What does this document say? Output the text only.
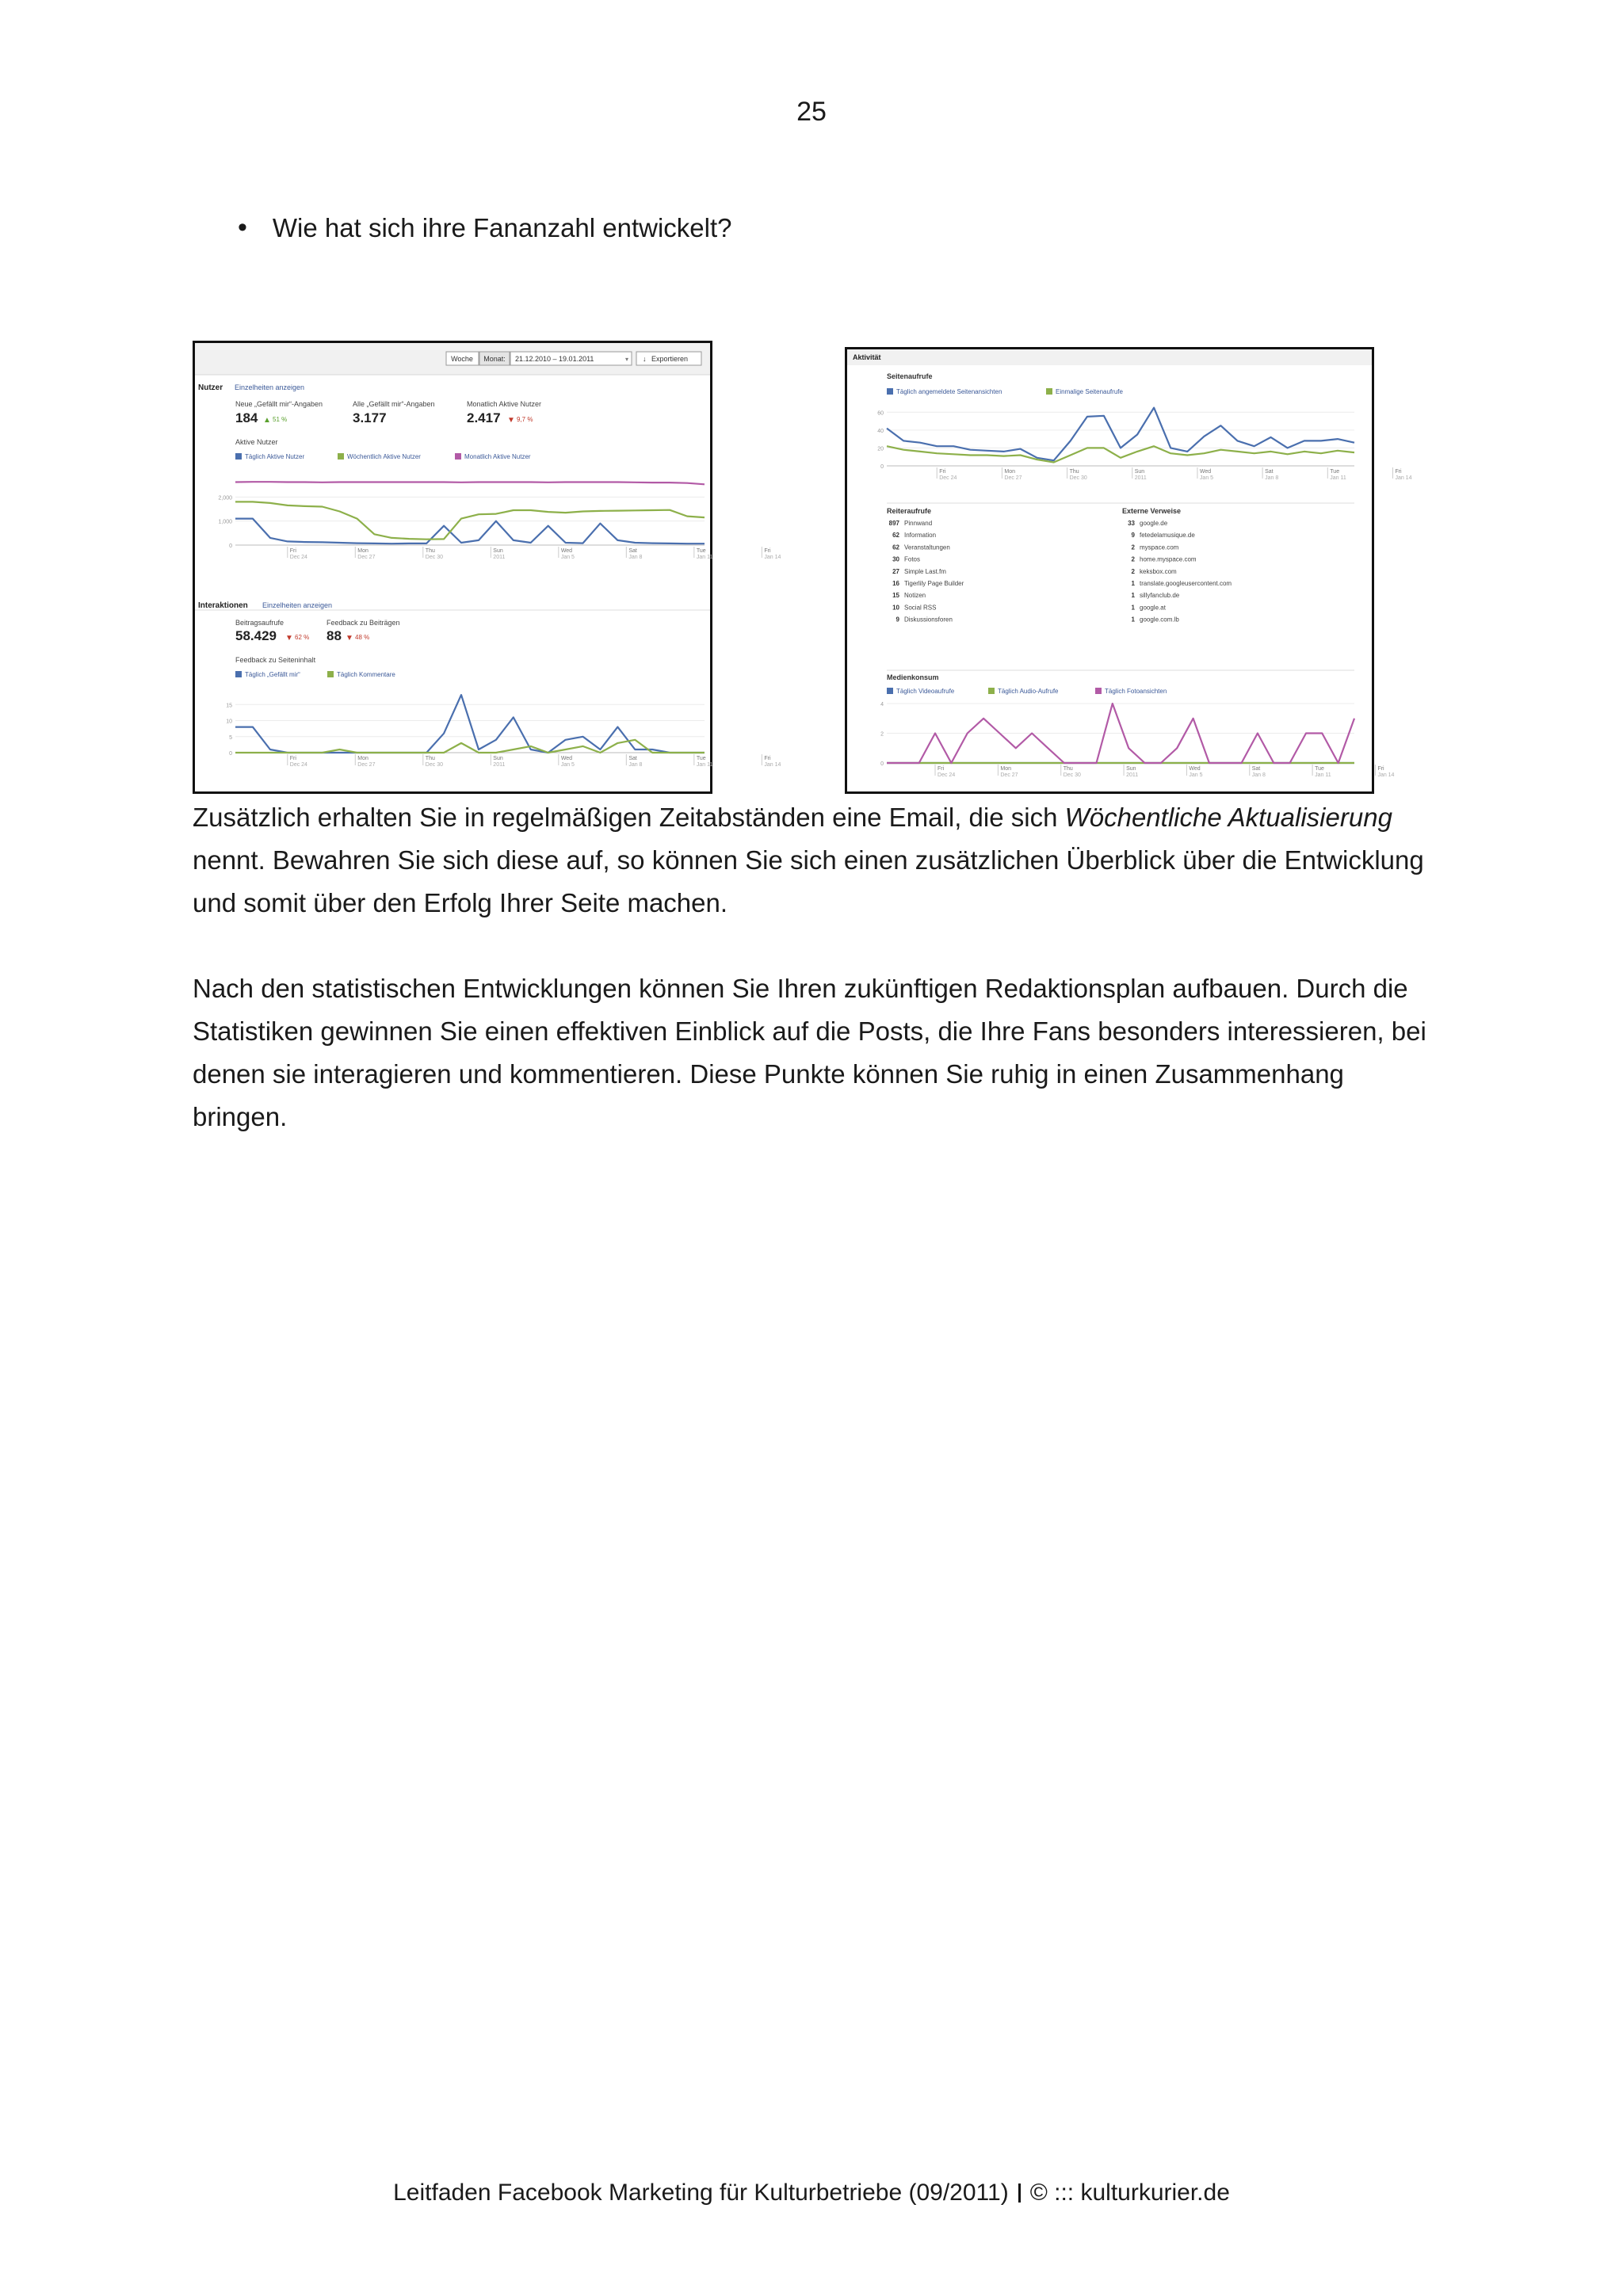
25
• Wie hat sich ihre Fananzahl entwickelt?
Woche Monat: 21.12.2010 – 19.01.2011	▾ ↓ Exportieren
Nutzer Einzelheiten anzeigen
Neue „Gefällt mir“-Angaben
184 ▲ 51 %
Alle „Gefällt mir“-Angaben
3.177
Monatlich Aktive Nutzer
2.417 ▼ 9,7 %
Aktive Nutzer
Täglich Aktive Nutzer	Wöchentlich Aktive Nutzer	Monatlich Aktive Nutzer
2,000
1,000
0
Fri
Dec 24
Mon
Dec 27
Thu
Dec 30
Sun
2011
Wed
Jan 5
Sat
Jan 8
Tue
Jan 11
Fri
Jan 14
Interaktionen Einzelheiten anzeigen
Beitragsaufrufe
58.429 ▼ 62 %
Feedback zu Beiträgen
88 ▼ 48 %
Feedback zu Seiteninhalt
Täglich „Gefällt mir“	Täglich Kommentare
15
10
5
0
Fri
Dec 24
Mon
Dec 27
Thu
Dec 30
Sun
2011
Wed
Jan 5
Sat
Jan 8
Tue
Jan 11
Fri
Jan 14
Aktivität
Seitenaufrufe
Täglich angemeldete Seitenansichten	Einmalige Seitenaufrufe
60
40
20
0
Fri
Dec 24
Mon
Dec 27
Thu
Dec 30
Sun
2011
Wed
Jan 5
Sat
Jan 8
Tue
Jan 11
Fri
Jan 14
Reiteraufrufe	Externe Verweise
897 Pinnwand
62 Information
62 Veranstaltungen
30 Fotos
27 Simple Last.fm
16 Tigerlily Page Builder
15 Notizen
10 Social RSS
9 Diskussionsforen
33 google.de
9 fetedelamusique.de
2 myspace.com
2 home.myspace.com
2 keksbox.com
1 translate.googleusercontent.com
1 sillyfanclub.de
1 google.at
1 google.com.lb
Medienkonsum
Täglich Videoaufrufe	Täglich Audio-Aufrufe	Täglich Fotoansichten
4
2
0
Fri
Dec 24
Mon
Dec 27
Thu
Dec 30
Sun
2011
Wed
Jan 5
Sat
Jan 8
Tue
Jan 11
Fri
Jan 14

Zusätzlich erhalten Sie in regelmäßigen Zeitabständen eine Email, die sich Wöchentliche Aktualisierung nennt. Bewahren Sie sich diese auf, so können Sie sich einen zusätzlichen Überblick über die Entwicklung und somit über den Erfolg Ihrer Seite machen.

Nach den statistischen Entwicklungen können Sie Ihren zukünftigen Redaktionsplan aufbauen. Durch die Statistiken gewinnen Sie einen effektiven Einblick auf die Posts, die Ihre Fans besonders interessieren, bei denen sie interagieren und kommentieren. Diese Punkte können Sie ruhig in einen Zusammenhang bringen.

Leitfaden Facebook Marketing für Kulturbetriebe (09/2011) © ::: kulturkurier.de
